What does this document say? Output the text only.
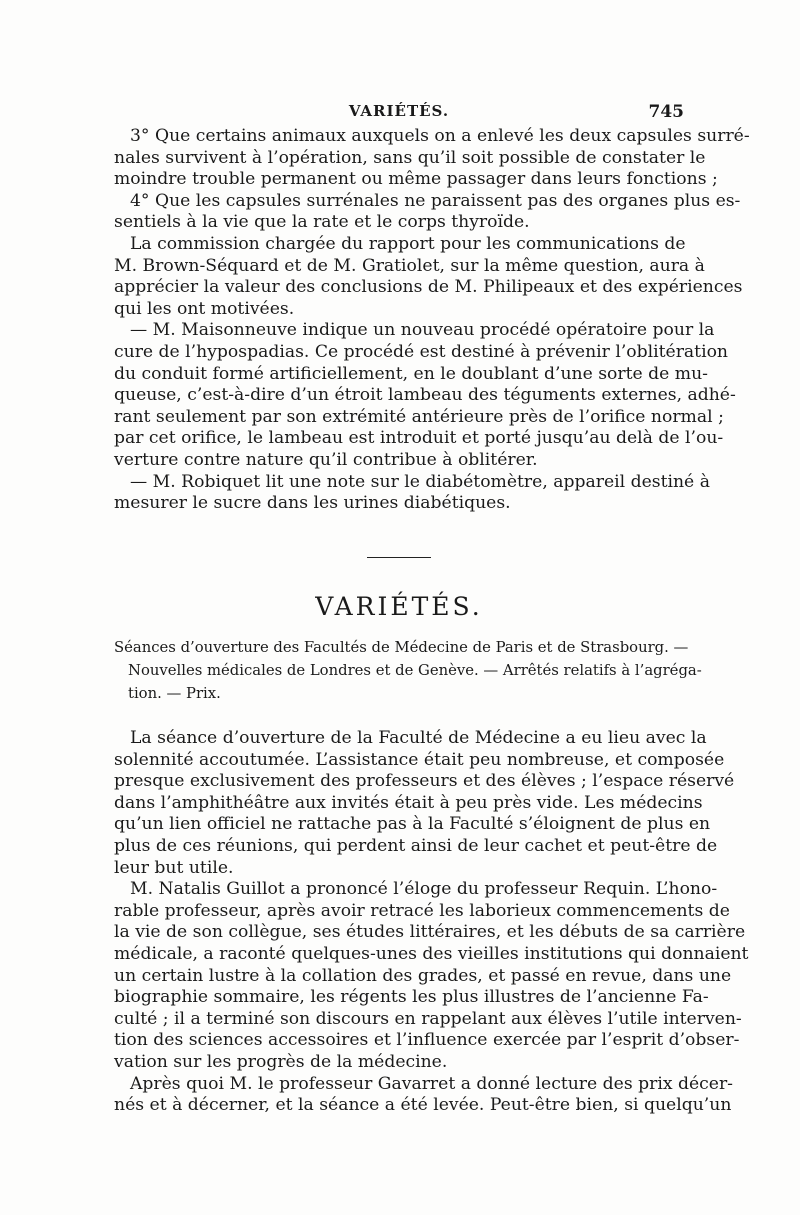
VARIÉTÉS.	745
3° Que certains animaux auxquels on a enlevé les deux capsules surré-
nales survivent à l’opération, sans qu’il soit possible de constater le
moindre trouble permanent ou même passager dans leurs fonctions ;
4° Que les capsules surrénales ne paraissent pas des organes plus es-
sentiels à la vie que la rate et le corps thyroïde.
La commission chargée du rapport pour les communications de
M. Brown-Séquard et de M. Gratiolet, sur la même question, aura à
apprécier la valeur des conclusions de M. Philipeaux et des expériences
qui les ont motivées.
— M. Maisonneuve indique un nouveau procédé opératoire pour la
cure de l’hypospadias. Ce procédé est destiné à prévenir l’oblitération
du conduit formé artificiellement, en le doublant d’une sorte de mu-
queuse, c’est-à-dire d’un étroit lambeau des téguments externes, adhé-
rant seulement par son extrémité antérieure près de l’orifice normal ;
par cet orifice, le lambeau est introduit et porté jusqu’au delà de l’ou-
verture contre nature qu’il contribue à oblitérer.
— M. Robiquet lit une note sur le diabétomètre, appareil destiné à
mesurer le sucre dans les urines diabétiques.
VARIÉTÉS.
Séances d’ouverture des Facultés de Médecine de Paris et de Strasbourg. —
Nouvelles médicales de Londres et de Genève. — Arrêtés relatifs à l’agréga-
tion. — Prix.
La séance d’ouverture de la Faculté de Médecine a eu lieu avec la
solennité accoutumée. L’assistance était peu nombreuse, et composée
presque exclusivement des professeurs et des élèves ; l’espace réservé
dans l’amphithéâtre aux invités était à peu près vide. Les médecins
qu’un lien officiel ne rattache pas à la Faculté s’éloignent de plus en
plus de ces réunions, qui perdent ainsi de leur cachet et peut-être de
leur but utile.
M. Natalis Guillot a prononcé l’éloge du professeur Requin. L’hono-
rable professeur, après avoir retracé les laborieux commencements de
la vie de son collègue, ses études littéraires, et les débuts de sa carrière
médicale, a raconté quelques-unes des vieilles institutions qui donnaient
un certain lustre à la collation des grades, et passé en revue, dans une
biographie sommaire, les régents les plus illustres de l’ancienne Fa-
culté ; il a terminé son discours en rappelant aux élèves l’utile interven-
tion des sciences accessoires et l’influence exercée par l’esprit d’obser-
vation sur les progrès de la médecine.
Après quoi M. le professeur Gavarret a donné lecture des prix décer-
nés et à décerner, et la séance a été levée. Peut-être bien, si quelqu’un
